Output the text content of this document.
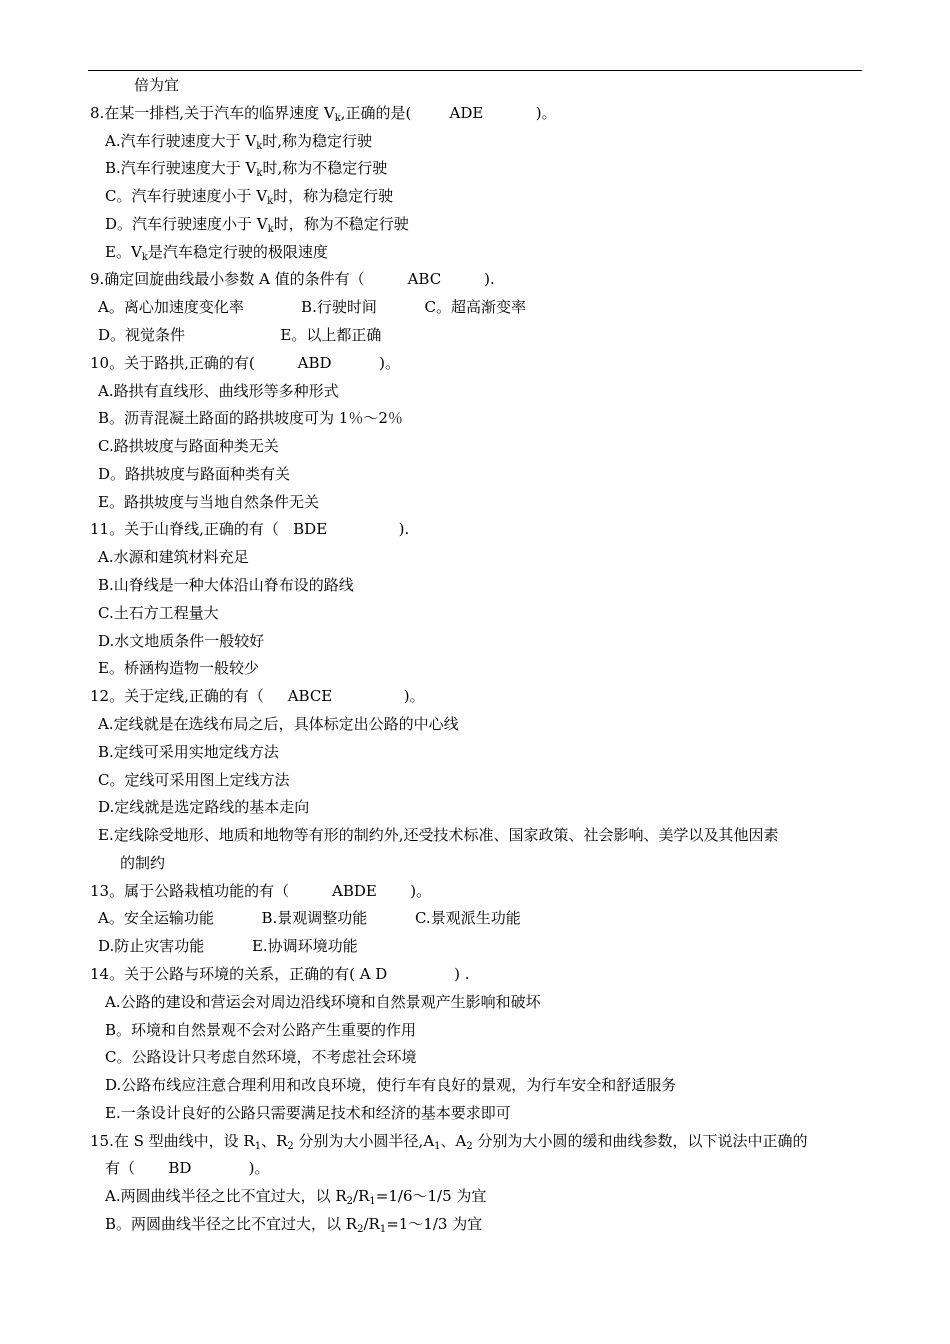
倍为宜
8.在某一排档,关于汽车的临界速度 $V_k$,正确的是(        ADE           )。
A.汽车行驶速度大于 $V_k$时,称为稳定行驶
B.汽车行驶速度大于 $V_k$时,称为不稳定行驶
C。汽车行驶速度小于 $V_k$时，称为稳定行驶
D。汽车行驶速度小于 $V_k$时，称为不稳定行驶
E。$V_k$是汽车稳定行驶的极限速度
9.确定回旋曲线最小参数 A 值的条件有（         ABC         ).
A。离心加速度变化率            B.行驶时间          C。超高渐变率
D。视觉条件                    E。以上都正确
10。关于路拱,正确的有(         ABD          )。
A.路拱有直线形、曲线形等多种形式
B。沥青混凝土路面的路拱坡度可为 1％～2％
C.路拱坡度与路面种类无关
D。路拱坡度与路面种类有关
E。路拱坡度与当地自然条件无关
11。关于山脊线,正确的有（   BDE               ).
A.水源和建筑材料充足
B.山脊线是一种大体沿山脊布设的路线
C.土石方工程量大
D.水文地质条件一般较好
E。桥涵构造物一般较少
12。关于定线,正确的有（     ABCE               )。
A.定线就是在选线布局之后，具体标定出公路的中心线
B.定线可采用实地定线方法
C。定线可采用图上定线方法
D.定线就是选定路线的基本走向
E.定线除受地形、地质和地物等有形的制约外,还受技术标准、国家政策、社会影响、美学以及其他因素
的制约
13。属于公路栽植功能的有（         ABDE       )。
A。安全运输功能          B.景观调整功能          C.景观派生功能
D.防止灾害功能          E.协调环境功能
14。关于公路与环境的关系，正确的有( A D              ) .
A.公路的建设和营运会对周边沿线环境和自然景观产生影响和破坏
B。环境和自然景观不会对公路产生重要的作用
C。公路设计只考虑自然环境，不考虑社会环境
D.公路布线应注意合理利用和改良环境，使行车有良好的景观，为行车安全和舒适服务
E.一条设计良好的公路只需要满足技术和经济的基本要求即可
15.在 S 型曲线中，设 $R_1$、$R_2$ 分别为大小圆半径$,A_1$、$A_2$ 分别为大小圆的缓和曲线参数，以下说法中正确的
有（       BD            )。
A.两圆曲线半径之比不宜过大，以 $R_2/R_1=1/6\sim 1/5$ 为宜
B。两圆曲线半径之比不宜过大，以 $R_2/R_1=1\sim 1/3$ 为宜
